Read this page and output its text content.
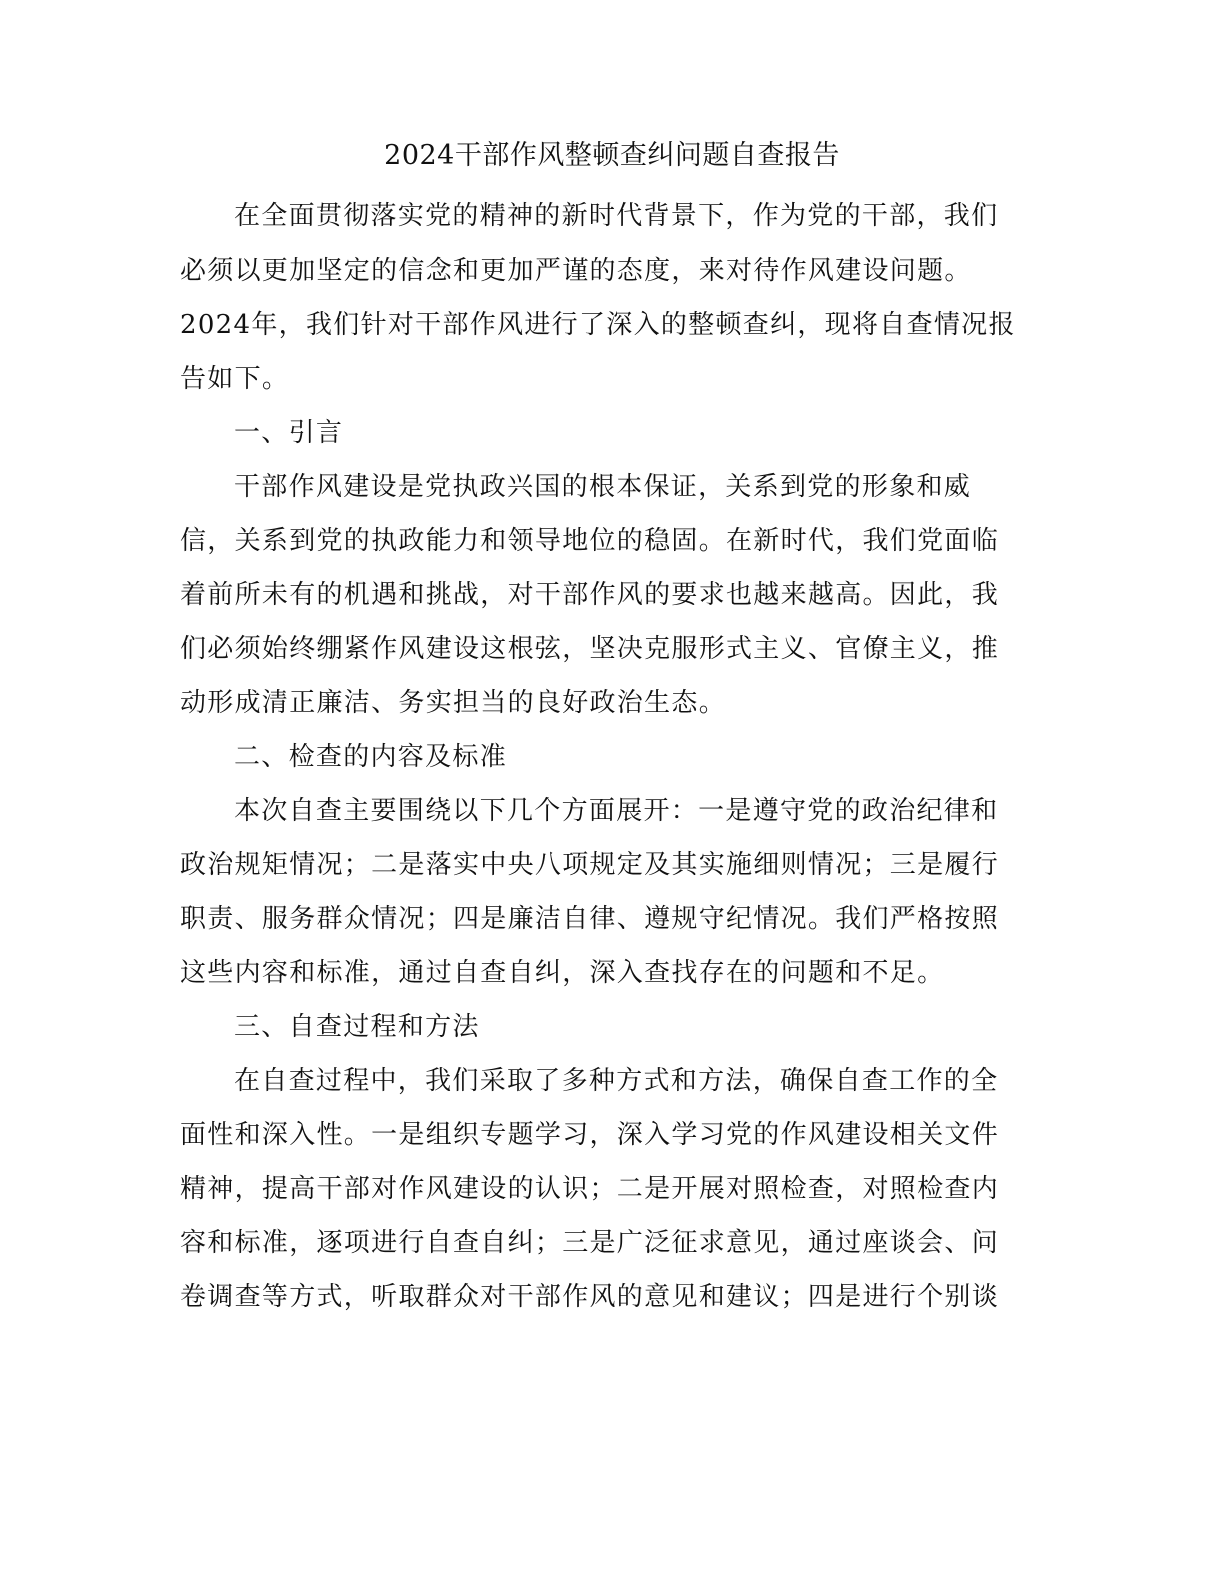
2024干部作风整顿查纠问题自查报告
在全面贯彻落实党的精神的新时代背景下，作为党的干部，我们
必须以更加坚定的信念和更加严谨的态度，来对待作风建设问题。
2024年，我们针对干部作风进行了深入的整顿查纠，现将自查情况报
告如下。
一、引言
干部作风建设是党执政兴国的根本保证，关系到党的形象和威
信，关系到党的执政能力和领导地位的稳固。在新时代，我们党面临
着前所未有的机遇和挑战，对干部作风的要求也越来越高。因此，我
们必须始终绷紧作风建设这根弦，坚决克服形式主义、官僚主义，推
动形成清正廉洁、务实担当的良好政治生态。
二、检查的内容及标准
本次自查主要围绕以下几个方面展开：一是遵守党的政治纪律和
政治规矩情况；二是落实中央八项规定及其实施细则情况；三是履行
职责、服务群众情况；四是廉洁自律、遵规守纪情况。我们严格按照
这些内容和标准，通过自查自纠，深入查找存在的问题和不足。
三、自查过程和方法
在自查过程中，我们采取了多种方式和方法，确保自查工作的全
面性和深入性。一是组织专题学习，深入学习党的作风建设相关文件
精神，提高干部对作风建设的认识；二是开展对照检查，对照检查内
容和标准，逐项进行自查自纠；三是广泛征求意见，通过座谈会、问
卷调查等方式，听取群众对干部作风的意见和建议；四是进行个别谈
